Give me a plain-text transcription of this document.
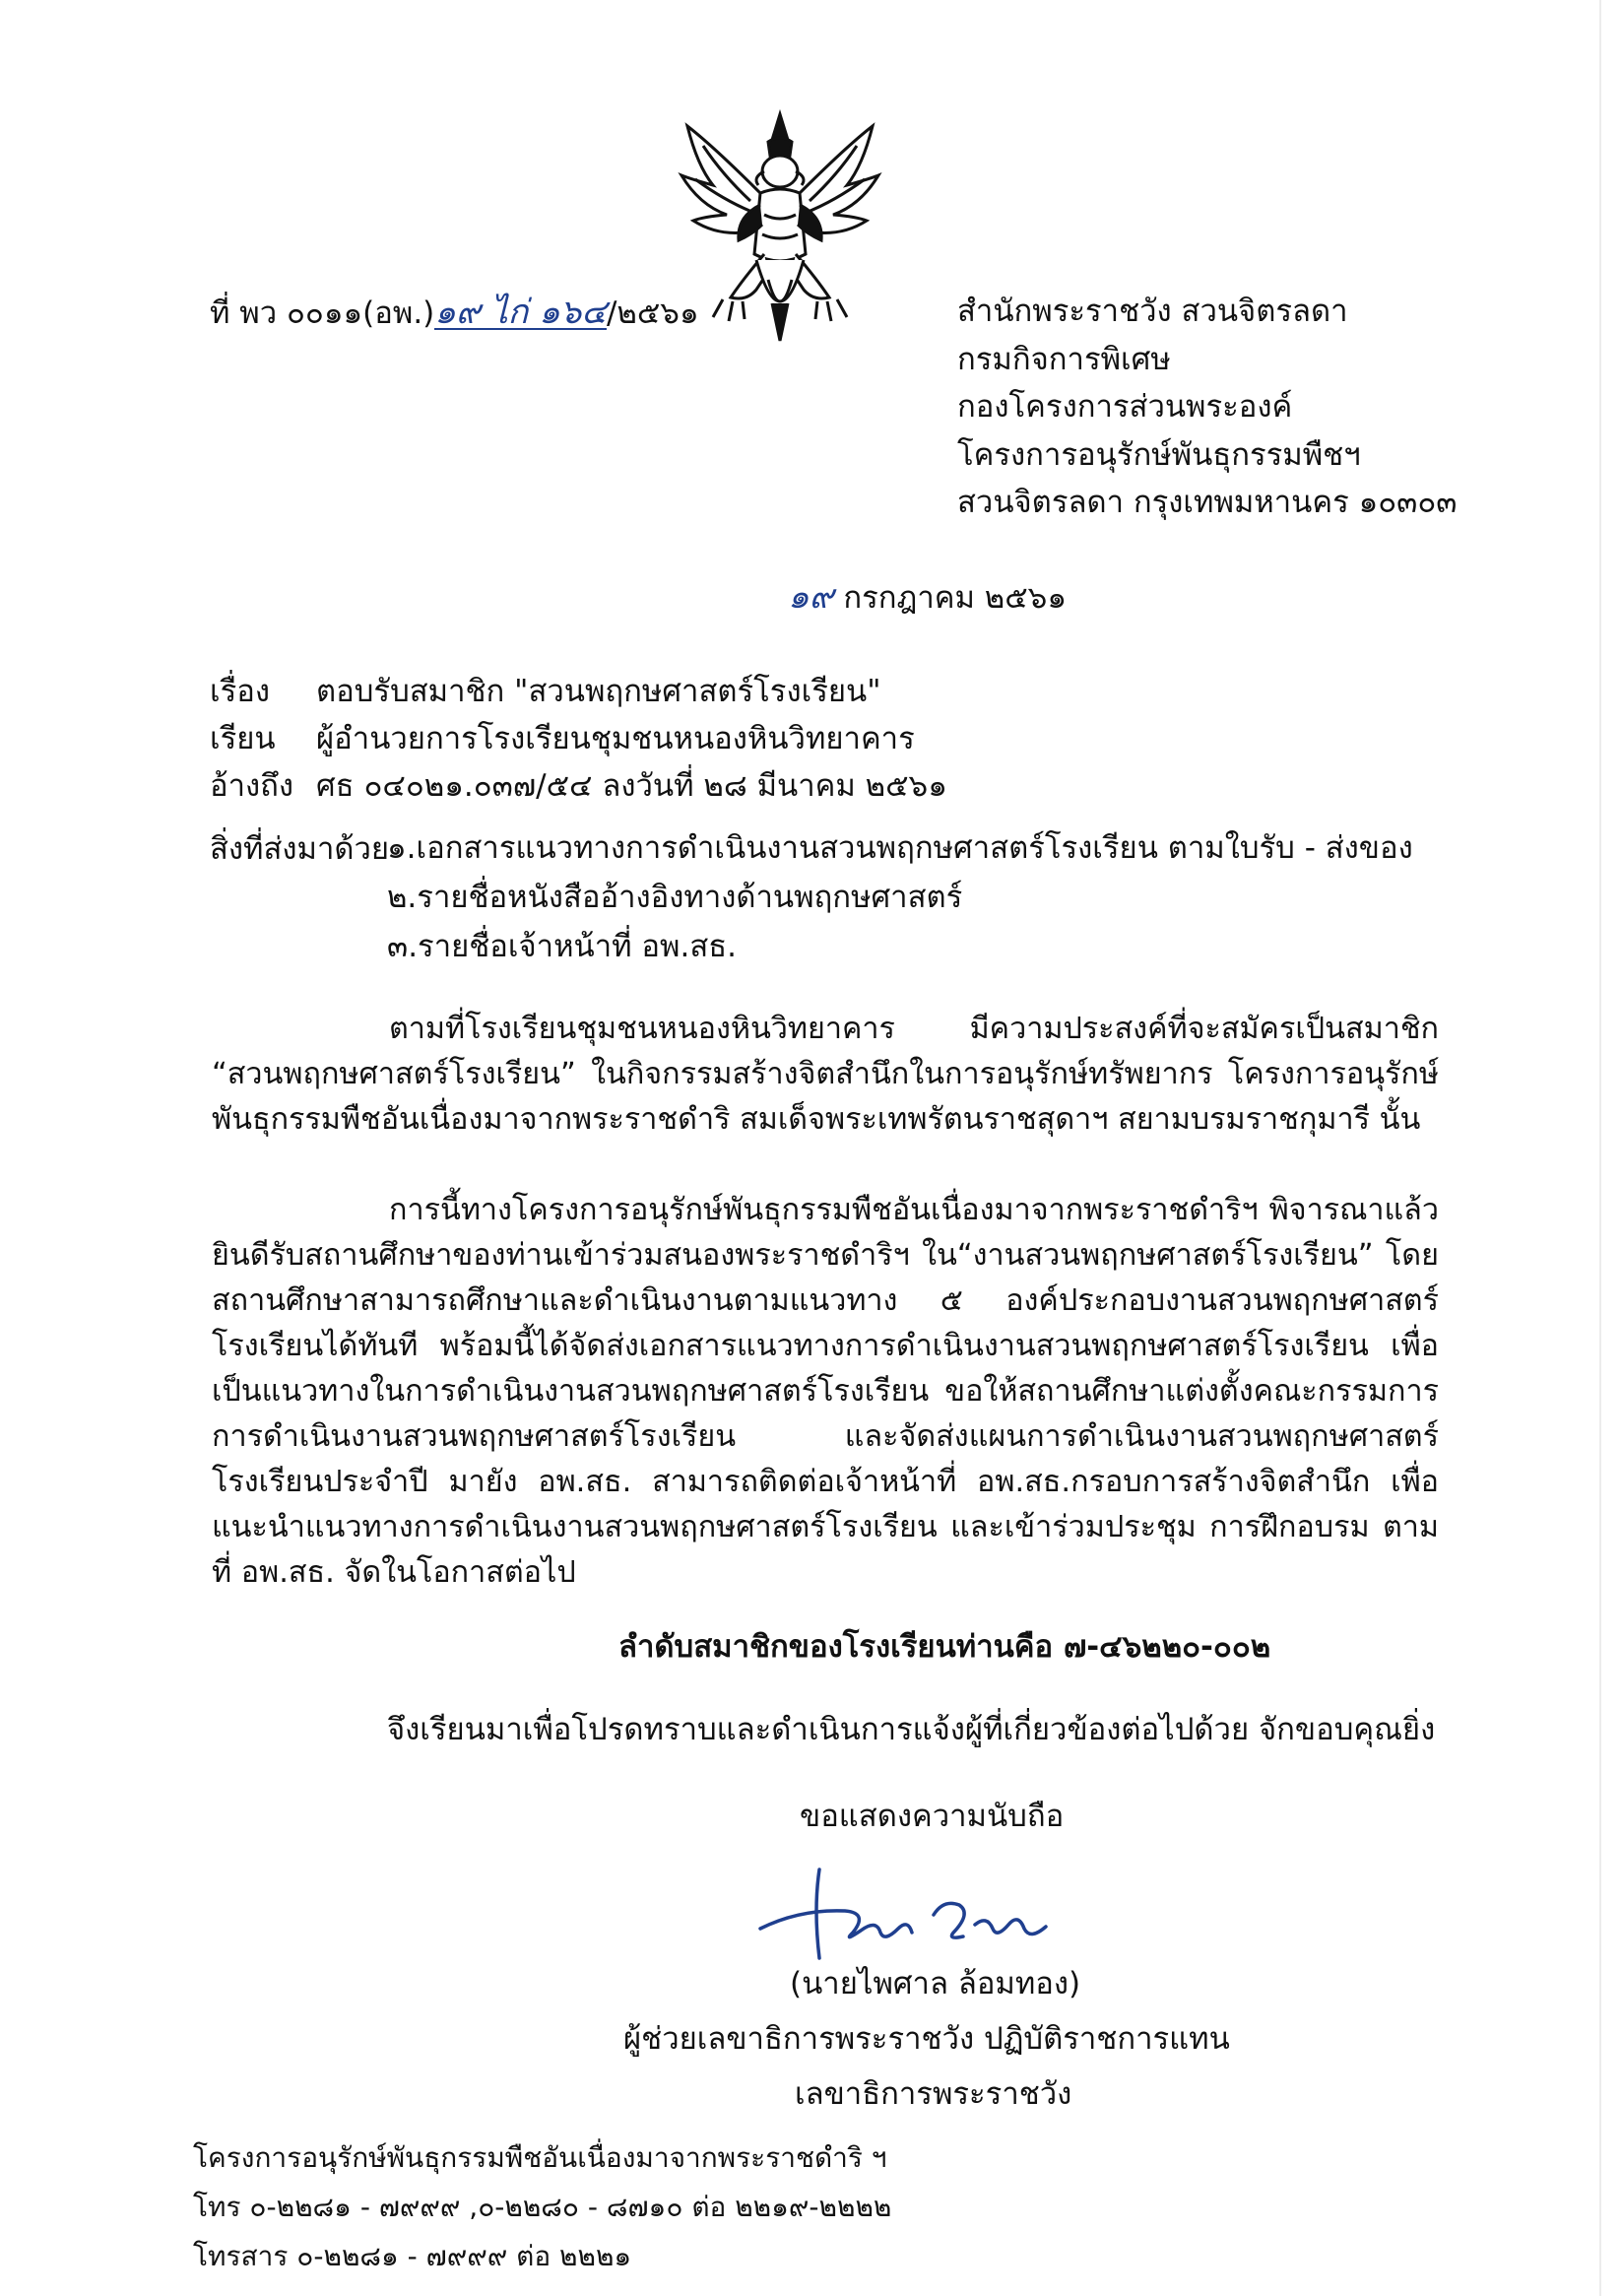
ที่ พว ๐๐๑๑(อพ.)๑๙ ไก่ ๑๖๔/๒๕๖๑	สำนักพระราชวัง สวนจิตรลดา
กรมกิจการพิเศษ
กองโครงการส่วนพระองค์
โครงการอนุรักษ์พันธุกรรมพืชฯ
สวนจิตรลดา กรุงเทพมหานคร ๑๐๓๐๓
๑๙ กรกฎาคม ๒๕๖๑
เรื่อง ตอบรับสมาชิก "สวนพฤกษศาสตร์โรงเรียน"
เรียน ผู้อำนวยการโรงเรียนชุมชนหนองหินวิทยาคาร
อ้างถึง ศธ ๐๔๐๒๑.๐๓๗/๕๔ ลงวันที่ ๒๘ มีนาคม ๒๕๖๑
สิ่งที่ส่งมาด้วย
๑.เอกสารแนวทางการดำเนินงานสวนพฤกษศาสตร์โรงเรียน ตามใบรับ - ส่งของ
๒.รายชื่อหนังสืออ้างอิงทางด้านพฤกษศาสตร์
๓.รายชื่อเจ้าหน้าที่ อพ.สธ.

ตามที่โรงเรียนชุมชนหนองหินวิทยาคาร มีความประสงค์ที่จะสมัครเป็นสมาชิก “สวนพฤกษศาสตร์โรงเรียน” ในกิจกรรมสร้างจิตสำนึกในการอนุรักษ์ทรัพยากร โครงการอนุรักษ์พันธุกรรมพืชอันเนื่องมาจากพระราชดำริ สมเด็จพระเทพรัตนราชสุดาฯ สยามบรมราชกุมารี นั้น

การนี้ทางโครงการอนุรักษ์พันธุกรรมพืชอันเนื่องมาจากพระราชดำริฯ พิจารณาแล้ว ยินดีรับสถานศึกษาของท่านเข้าร่วมสนองพระราชดำริฯ ใน“งานสวนพฤกษศาสตร์โรงเรียน” โดยสถานศึกษาสามารถศึกษาและดำเนินงานตามแนวทาง ๕ องค์ประกอบงานสวนพฤกษศาสตร์โรงเรียนได้ทันที พร้อมนี้ได้จัดส่งเอกสารแนวทางการดำเนินงานสวนพฤกษศาสตร์โรงเรียน เพื่อเป็นแนวทางในการดำเนินงานสวนพฤกษศาสตร์โรงเรียน ขอให้สถานศึกษาแต่งตั้งคณะกรรมการการดำเนินงานสวนพฤกษศาสตร์โรงเรียน และจัดส่งแผนการดำเนินงานสวนพฤกษศาสตร์โรงเรียนประจำปี มายัง อพ.สธ. สามารถติดต่อเจ้าหน้าที่ อพ.สธ.กรอบการสร้างจิตสำนึก เพื่อแนะนำแนวทางการดำเนินงานสวนพฤกษศาสตร์โรงเรียน และเข้าร่วมประชุม การฝึกอบรม ตามที่ อพ.สธ. จัดในโอกาสต่อไป

ลำดับสมาชิกของโรงเรียนท่านคือ ๗-๔๖๒๒๐-๐๐๒
จึงเรียนมาเพื่อโปรดทราบและดำเนินการแจ้งผู้ที่เกี่ยวข้องต่อไปด้วย จักขอบคุณยิ่ง
ขอแสดงความนับถือ
(นายไพศาล ล้อมทอง)
ผู้ช่วยเลขาธิการพระราชวัง ปฏิบัติราชการแทน
เลขาธิการพระราชวัง
โครงการอนุรักษ์พันธุกรรมพืชอันเนื่องมาจากพระราชดำริ ฯ
โทร ๐-๒๒๘๑ - ๗๙๙๙ ,๐-๒๒๘๐ - ๘๗๑๐ ต่อ ๒๒๑๙-๒๒๒๒
โทรสาร ๐-๒๒๘๑ - ๗๙๙๙ ต่อ ๒๒๒๑
